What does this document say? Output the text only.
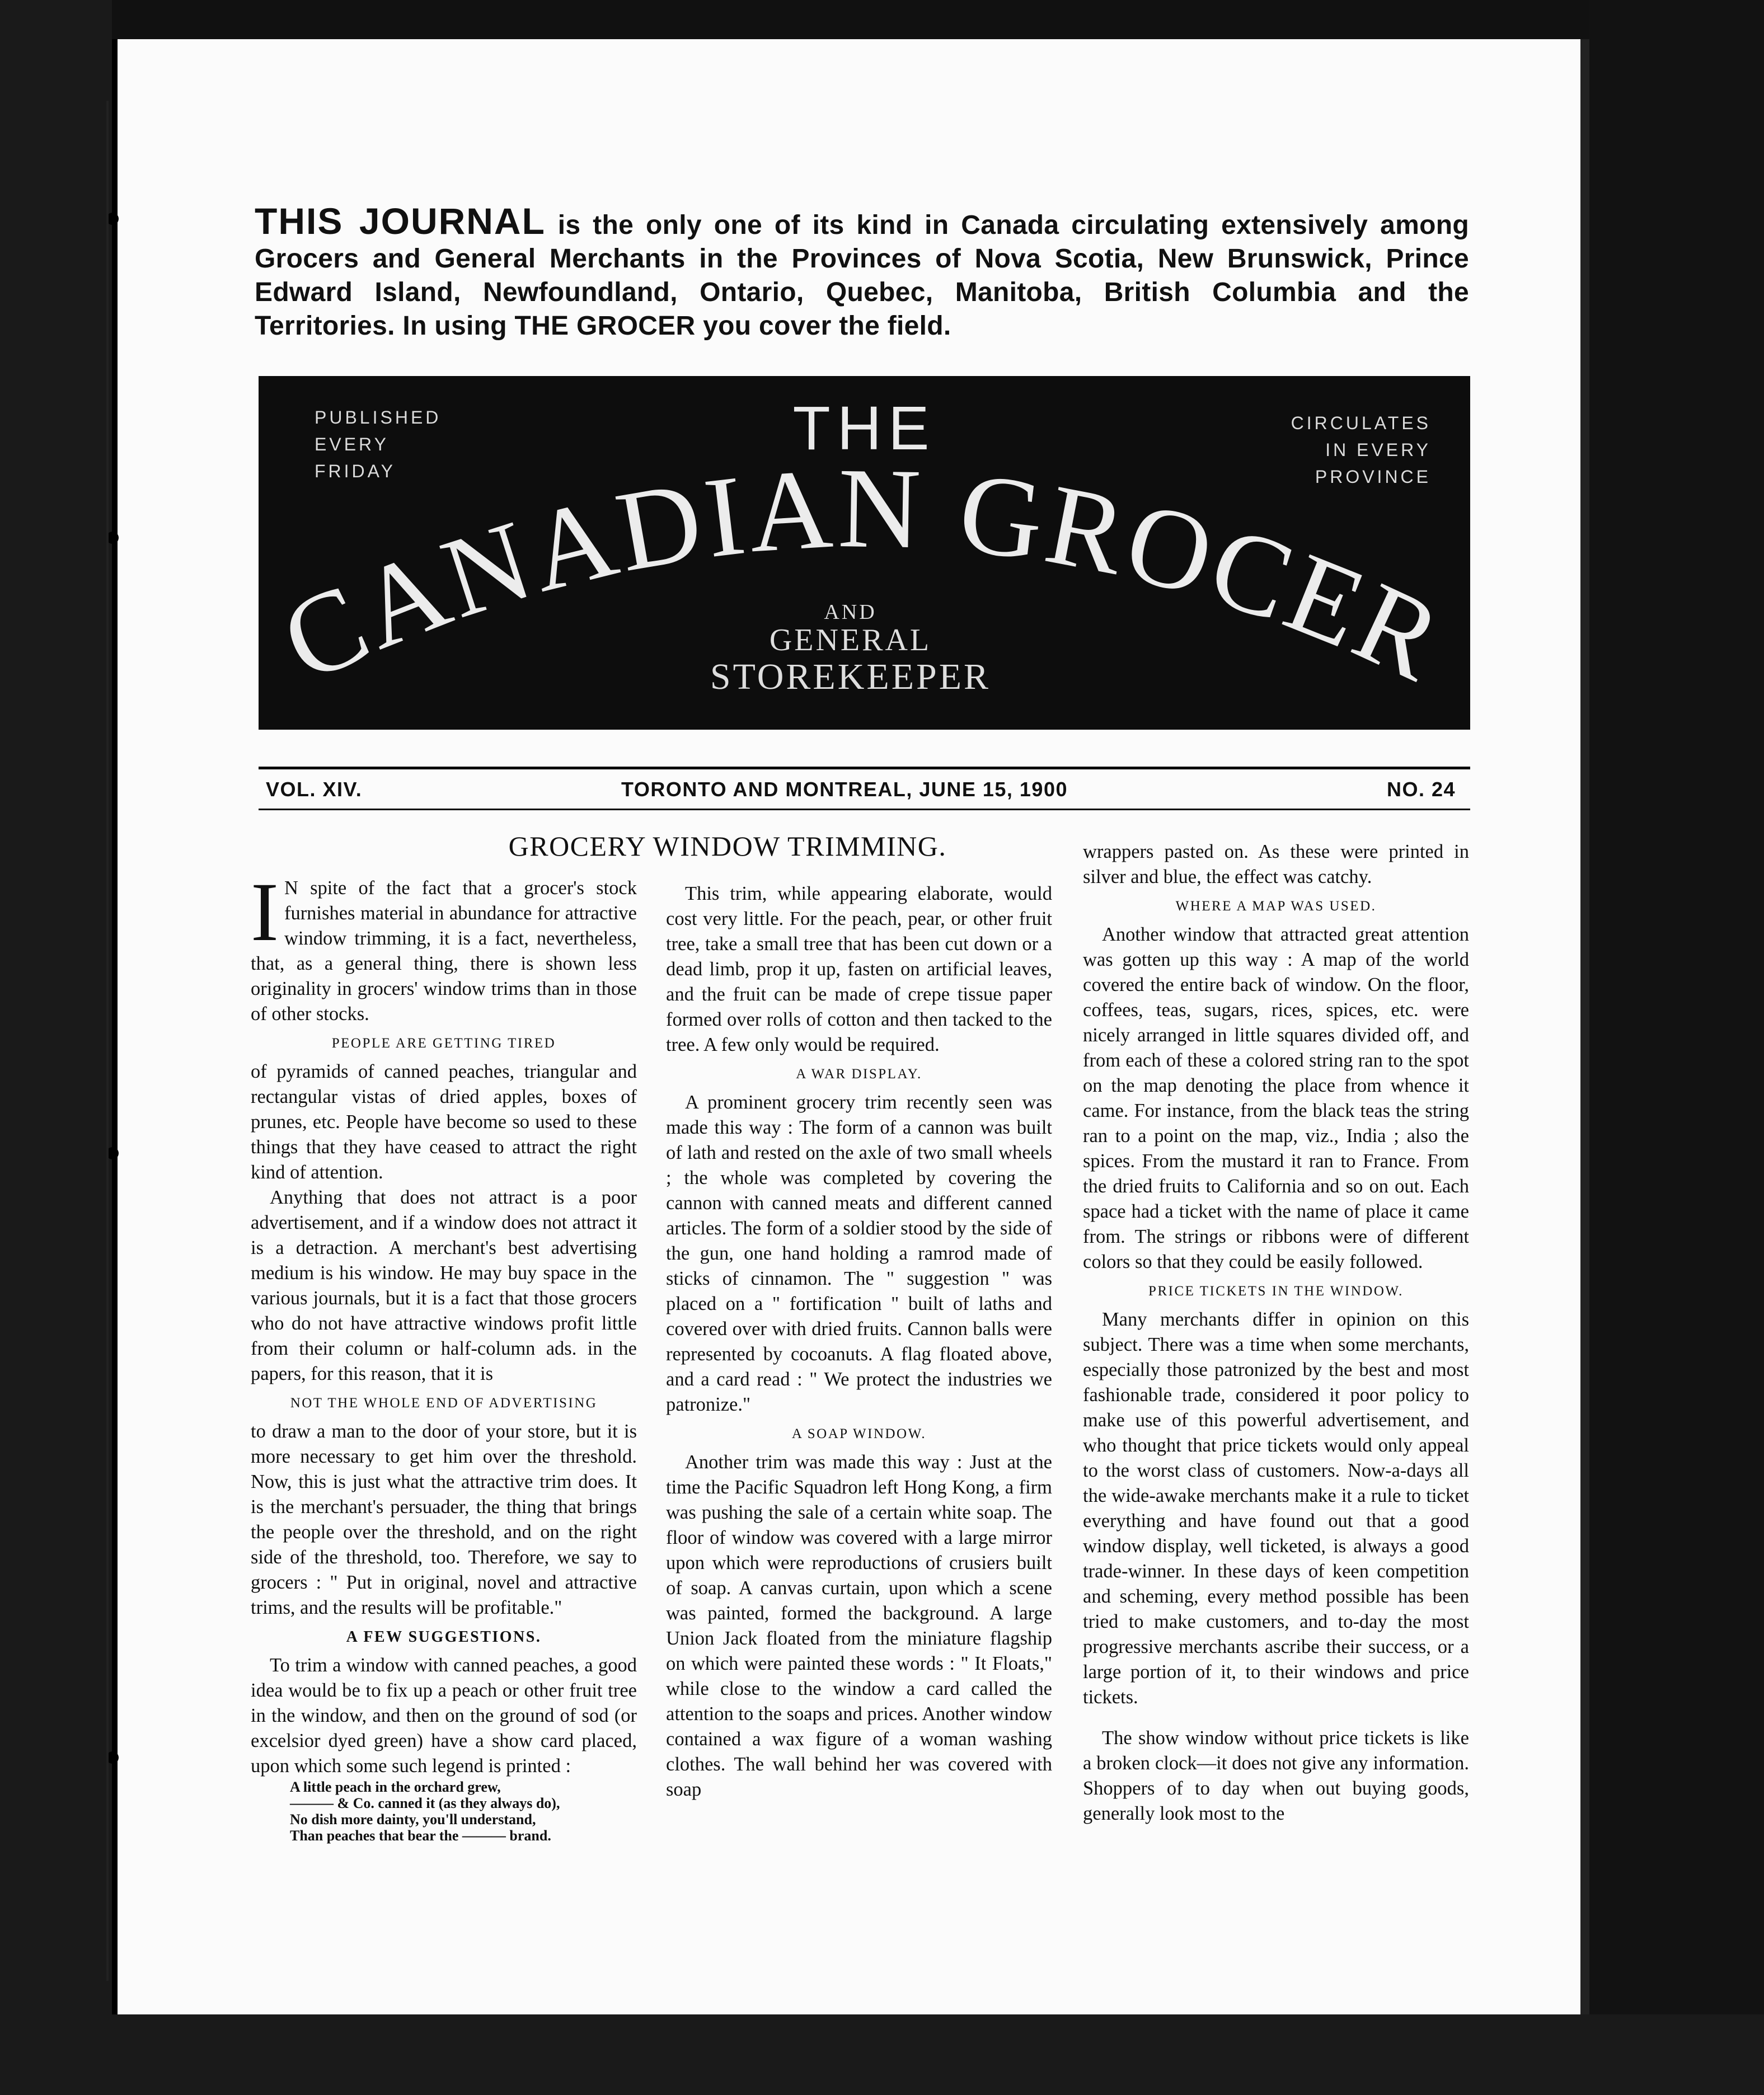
THIS JOURNAL is the only one of its kind in Canada circulating extensively among Grocers and General Merchants in the Provinces of Nova Scotia, New Brunswick, Prince Edward Island, Newfoundland, Ontario, Quebec, Manitoba, British Columbia and the Territories. In using THE GROCER you cover the field.
PUBLISHED
EVERY
FRIDAY
CIRCULATES
IN EVERY
PROVINCE
THE
CANADIAN GROCER
AND
GENERAL
STOREKEEPER
VOL. XIV.	TORONTO AND MONTREAL, JUNE 15, 1900	NO. 24
GROCERY WINDOW TRIMMING.

I N spite of the fact that a grocer's stock furnishes material in abundance for attractive window trimming, it is a fact, nevertheless, that, as a general thing, there is shown less originality in grocers' window trims than in those of other stocks.

PEOPLE ARE GETTING TIRED

of pyramids of canned peaches, triangular and rectangular vistas of dried apples, boxes of prunes, etc. People have become so used to these things that they have ceased to attract the right kind of attention.

Anything that does not attract is a poor advertisement, and if a window does not attract it is a detraction. A merchant's best advertising medium is his window. He may buy space in the various journals, but it is a fact that those grocers who do not have attractive windows profit little from their column or half-column ads. in the papers, for this reason, that it is

NOT THE WHOLE END OF ADVERTISING

to draw a man to the door of your store, but it is more necessary to get him over the threshold. Now, this is just what the attractive trim does. It is the merchant's persuader, the thing that brings the people over the threshold, and on the right side of the threshold, too. Therefore, we say to grocers : " Put in original, novel and attractive trims, and the results will be profitable."

A FEW SUGGESTIONS.

To trim a window with canned peaches, a good idea would be to fix up a peach or other fruit tree in the window, and then on the ground of sod (or excelsior dyed green) have a show card placed, upon which some such legend is printed :

A little peach in the orchard grew,
——— & Co. canned it (as they always do),
No dish more dainty, you'll understand,
Than peaches that bear the ——— brand.

This trim, while appearing elaborate, would cost very little. For the peach, pear, or other fruit tree, take a small tree that has been cut down or a dead limb, prop it up, fasten on artificial leaves, and the fruit can be made of crepe tissue paper formed over rolls of cotton and then tacked to the tree. A few only would be required.

A WAR DISPLAY.

A prominent grocery trim recently seen was made this way : The form of a cannon was built of lath and rested on the axle of two small wheels ; the whole was completed by covering the cannon with canned meats and different canned articles. The form of a soldier stood by the side of the gun, one hand holding a ramrod made of sticks of cinnamon. The " suggestion " was placed on a " fortification " built of laths and covered over with dried fruits. Cannon balls were represented by cocoanuts. A flag floated above, and a card read : " We protect the industries we patronize."

A SOAP WINDOW.

Another trim was made this way : Just at the time the Pacific Squadron left Hong Kong, a firm was pushing the sale of a certain white soap. The floor of window was covered with a large mirror upon which were reproductions of crusiers built of soap. A canvas curtain, upon which a scene was painted, formed the background. A large Union Jack floated from the miniature flagship on which were painted these words : " It Floats," while close to the window a card called the attention to the soaps and prices. Another window contained a wax figure of a woman washing clothes. The wall behind her was covered with soap

wrappers pasted on. As these were printed in silver and blue, the effect was catchy.

WHERE A MAP WAS USED.

Another window that attracted great attention was gotten up this way : A map of the world covered the entire back of window. On the floor, coffees, teas, sugars, rices, spices, etc. were nicely arranged in little squares divided off, and from each of these a colored string ran to the spot on the map denoting the place from whence it came. For instance, from the black teas the string ran to a point on the map, viz., India ; also the spices. From the mustard it ran to France. From the dried fruits to California and so on out. Each space had a ticket with the name of place it came from. The strings or ribbons were of different colors so that they could be easily followed.

PRICE TICKETS IN THE WINDOW.

Many merchants differ in opinion on this subject. There was a time when some merchants, especially those patronized by the best and most fashionable trade, considered it poor policy to make use of this powerful advertisement, and who thought that price tickets would only appeal to the worst class of customers. Now-a-days all the wide-awake merchants make it a rule to ticket everything and have found out that a good window display, well ticketed, is always a good trade-winner. In these days of keen competition and scheming, every method possible has been tried to make customers, and to-day the most progressive merchants ascribe their success, or a large portion of it, to their windows and price tickets.

The show window without price tickets is like a broken clock—it does not give any information. Shoppers of to day when out buying goods, generally look most to the
